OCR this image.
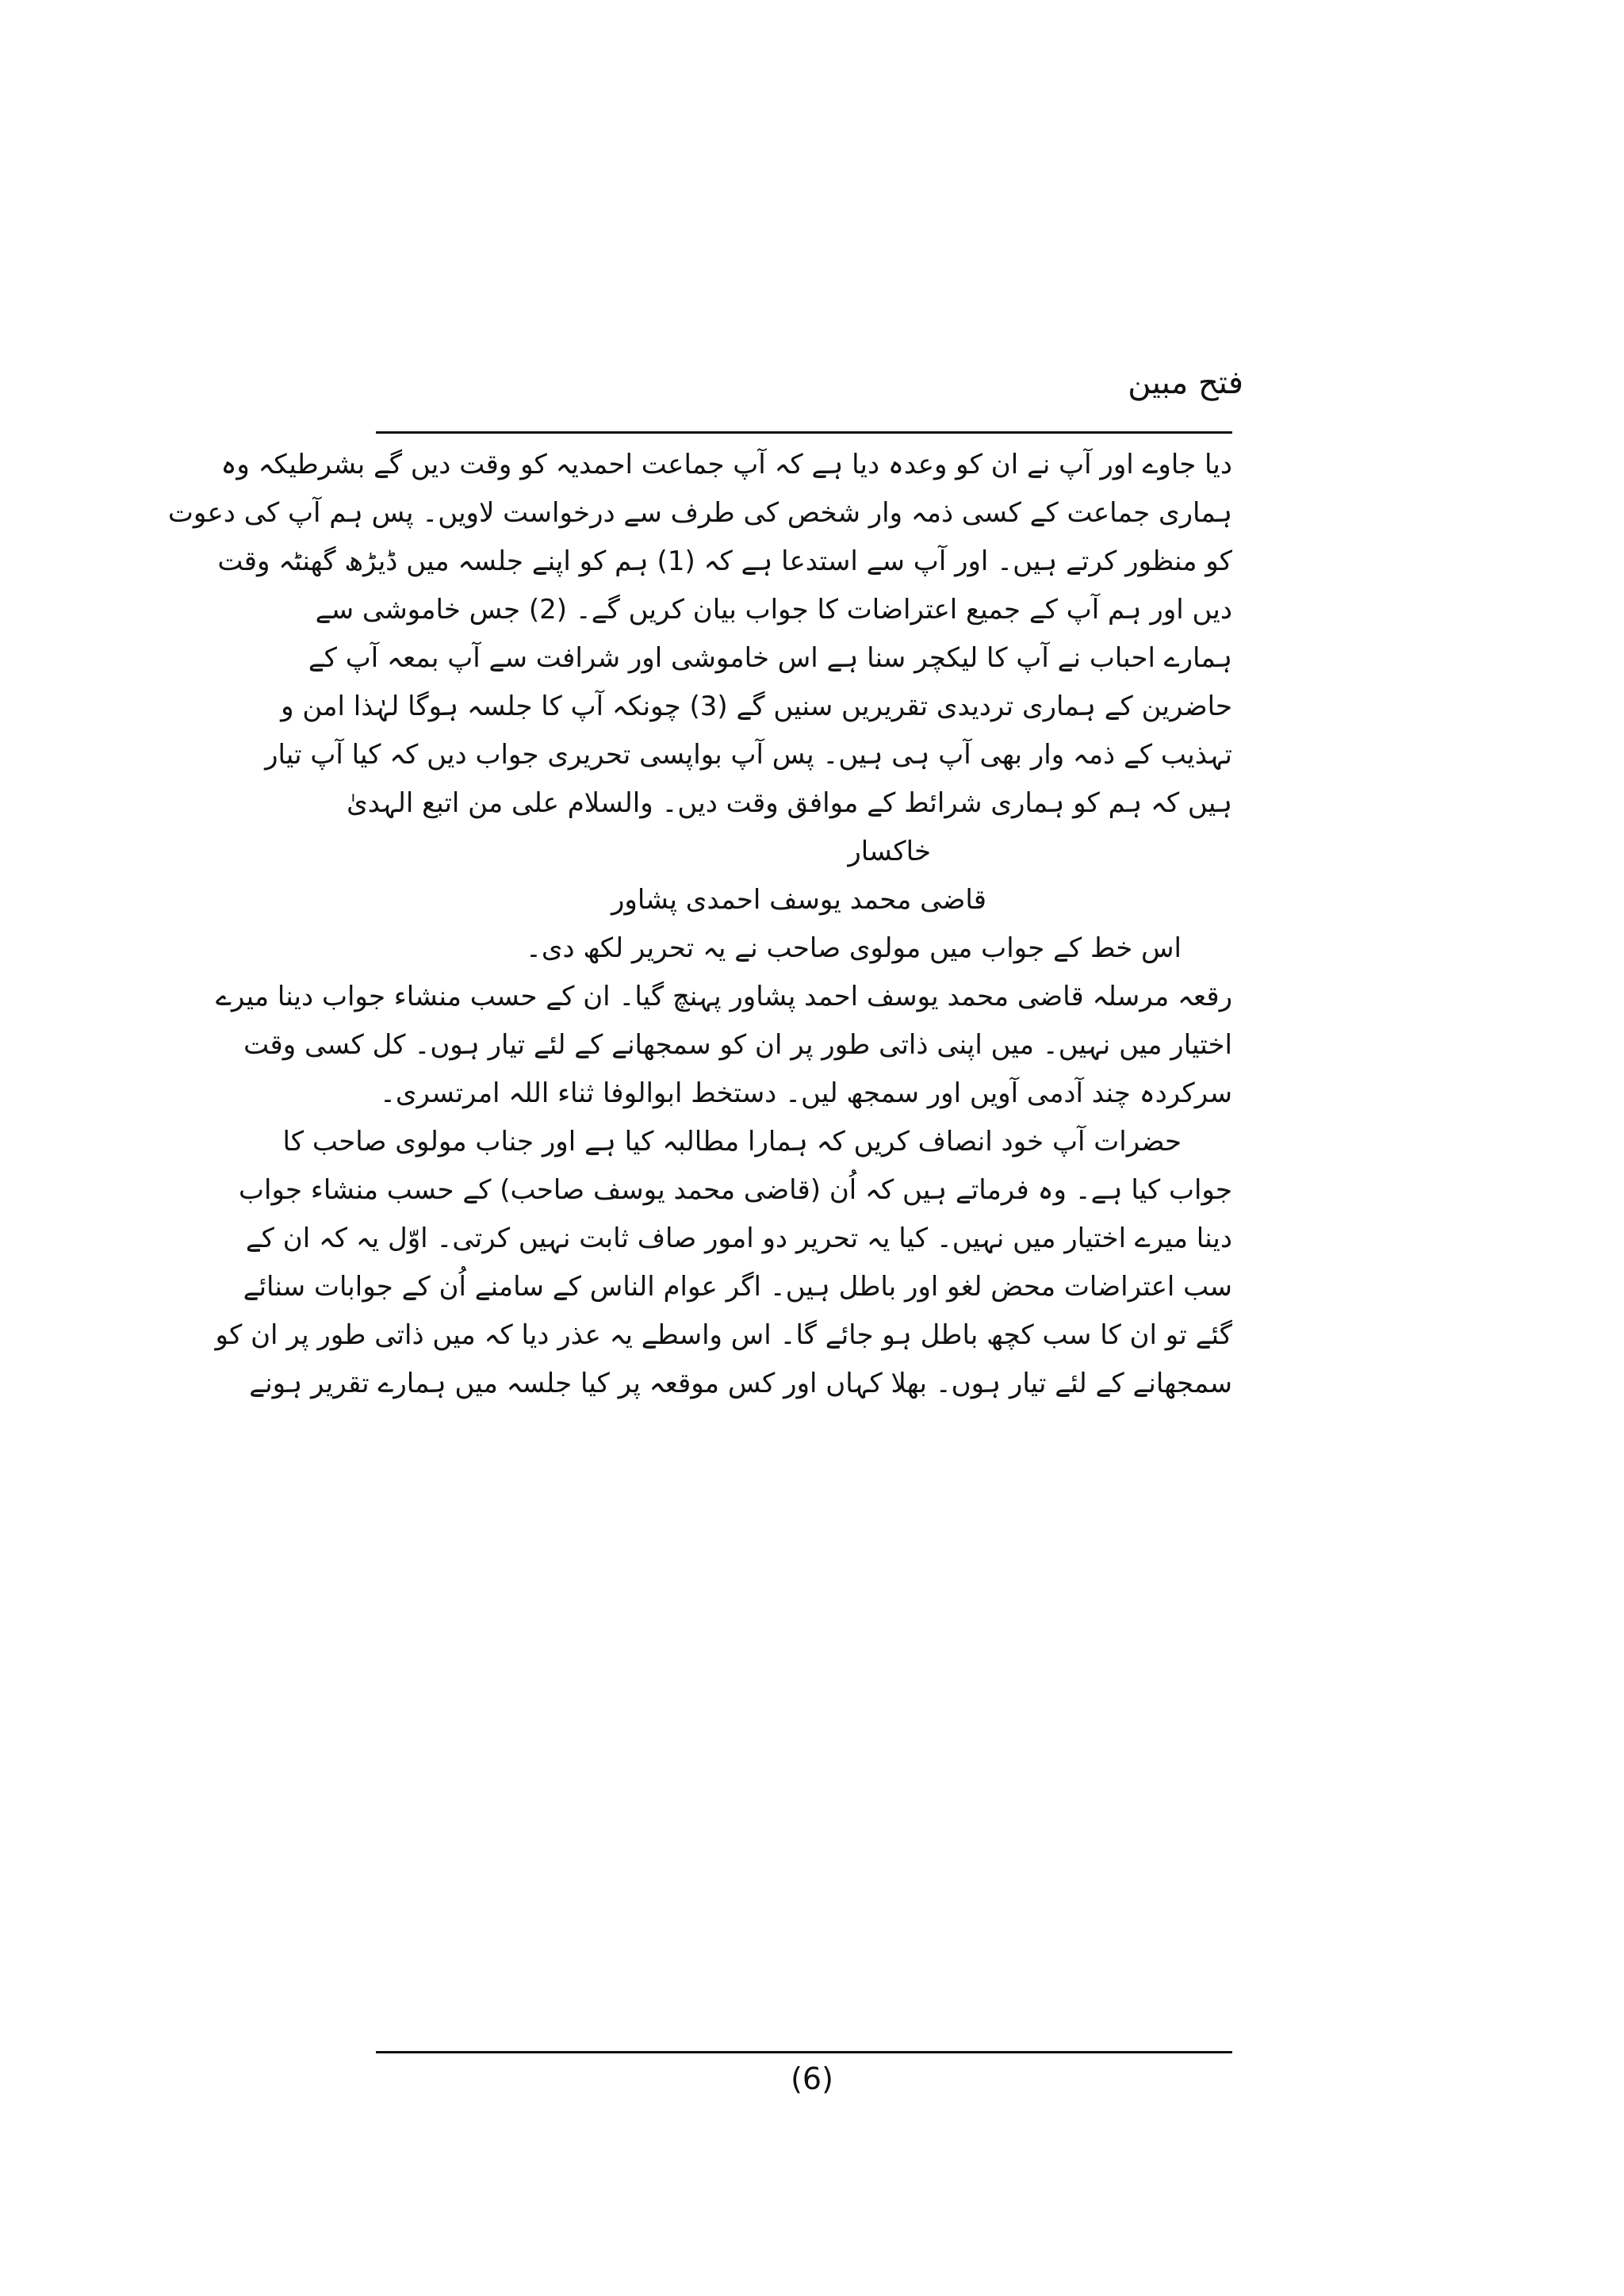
فتح مبین
دیا جاوے اور آپ نے ان کو وعدہ دیا ہے کہ آپ جماعت احمدیہ کو وقت دیں گے بشرطیکہ وہ
ہماری جماعت کے کسی ذمہ وار شخص کی طرف سے درخواست لاویں۔ پس ہم آپ کی دعوت
کو منظور کرتے ہیں۔ اور آپ سے استدعا ہے کہ (1) ہم کو اپنے جلسہ میں ڈیڑھ گھنٹہ وقت
دیں اور ہم آپ کے جمیع اعتراضات کا جواب بیان کریں گے۔ (2) جس خاموشی سے
ہمارے احباب نے آپ کا لیکچر سنا ہے اس خاموشی اور شرافت سے آپ بمعہ آپ کے
حاضرین کے ہماری تردیدی تقریریں سنیں گے (3) چونکہ آپ کا جلسہ ہوگا لہٰذا امن و
تہذیب کے ذمہ وار بھی آپ ہی ہیں۔ پس آپ بواپسی تحریری جواب دیں کہ کیا آپ تیار
ہیں کہ ہم کو ہماری شرائط کے موافق وقت دیں۔ والسلام علی من اتبع الہدیٰ
خاکسار
قاضی محمد یوسف احمدی پشاور
اس خط کے جواب میں مولوی صاحب نے یہ تحریر لکھ دی۔
رقعہ مرسلہ قاضی محمد یوسف احمد پشاور پہنچ گیا۔ ان کے حسب منشاء جواب دینا میرے
اختیار میں نہیں۔ میں اپنی ذاتی طور پر ان کو سمجھانے کے لئے تیار ہوں۔ کل کسی وقت
سرکردہ چند آدمی آویں اور سمجھ لیں۔ دستخط ابوالوفا ثناء اللہ امرتسری۔
حضرات آپ خود انصاف کریں کہ ہمارا مطالبہ کیا ہے اور جناب مولوی صاحب کا
جواب کیا ہے۔ وہ فرماتے ہیں کہ اُن (قاضی محمد یوسف صاحب) کے حسب منشاء جواب
دینا میرے اختیار میں نہیں۔ کیا یہ تحریر دو امور صاف ثابت نہیں کرتی۔ اوّل یہ کہ ان کے
سب اعتراضات محض لغو اور باطل ہیں۔ اگر عوام الناس کے سامنے اُن کے جوابات سنائے
گئے تو ان کا سب کچھ باطل ہو جائے گا۔ اس واسطے یہ عذر دیا کہ میں ذاتی طور پر ان کو
سمجھانے کے لئے تیار ہوں۔ بھلا کہاں اور کس موقعہ پر کیا جلسہ میں ہمارے تقریر ہونے
(6)
